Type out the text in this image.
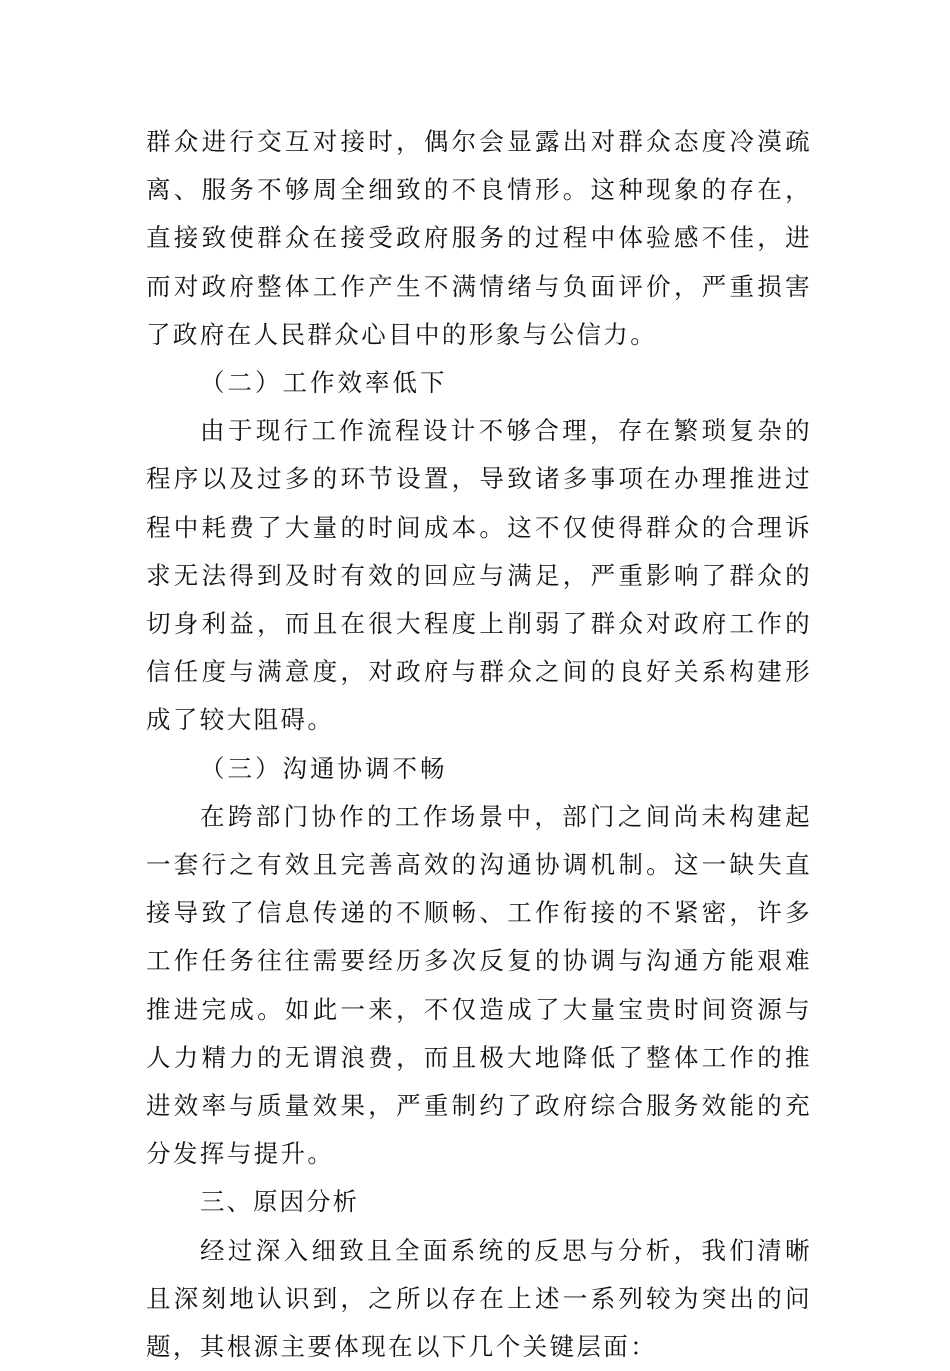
群众进行交互对接时，偶尔会显露出对群众态度冷漠疏离、服务不够周全细致的不良情形。这种现象的存在，直接致使群众在接受政府服务的过程中体验感不佳，进而对政府整体工作产生不满情绪与负面评价，严重损害了政府在人民群众心目中的形象与公信力。

（二）工作效率低下

由于现行工作流程设计不够合理，存在繁琐复杂的程序以及过多的环节设置，导致诸多事项在办理推进过程中耗费了大量的时间成本。这不仅使得群众的合理诉求无法得到及时有效的回应与满足，严重影响了群众的切身利益，而且在很大程度上削弱了群众对政府工作的信任度与满意度，对政府与群众之间的良好关系构建形成了较大阻碍。

（三）沟通协调不畅

在跨部门协作的工作场景中，部门之间尚未构建起一套行之有效且完善高效的沟通协调机制。这一缺失直接导致了信息传递的不顺畅、工作衔接的不紧密，许多工作任务往往需要经历多次反复的协调与沟通方能艰难推进完成。如此一来，不仅造成了大量宝贵时间资源与人力精力的无谓浪费，而且极大地降低了整体工作的推进效率与质量效果，严重制约了政府综合服务效能的充分发挥与提升。

三、原因分析

经过深入细致且全面系统的反思与分析，我们清晰且深刻地认识到，之所以存在上述一系列较为突出的问题，其根源主要体现在以下几个关键层面：
